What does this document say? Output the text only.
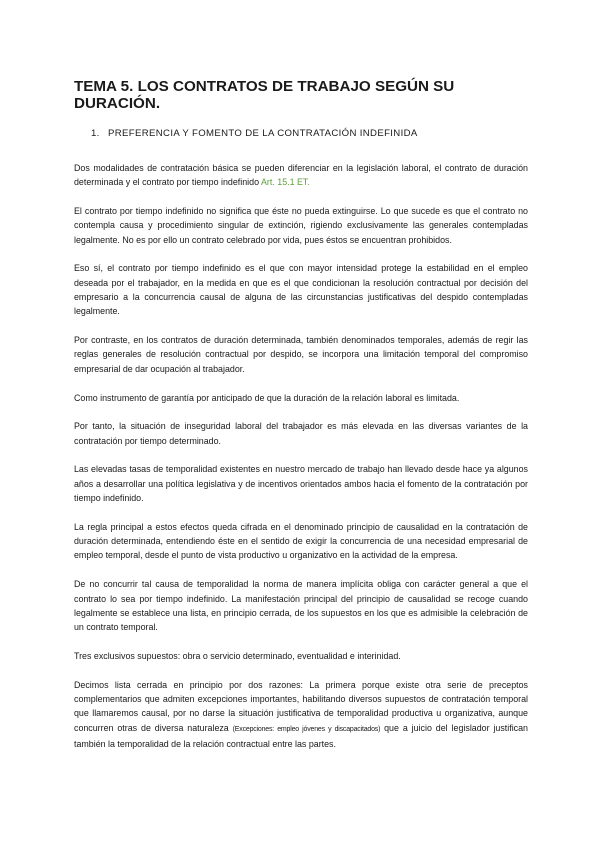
TEMA 5. LOS CONTRATOS DE TRABAJO SEGÚN SU DURACIÓN.
1. PREFERENCIA Y FOMENTO DE LA CONTRATACIÓN INDEFINIDA

Dos modalidades de contratación básica se pueden diferenciar en la legislación laboral, el contrato de duración determinada y el contrato por tiempo indefinido Art. 15.1 ET.

El contrato por tiempo indefinido no significa que éste no pueda extinguirse. Lo que sucede es que el contrato no contempla causa y procedimiento singular de extinción, rigiendo exclusivamente las generales contempladas legalmente. No es por ello un contrato celebrado por vida, pues éstos se encuentran prohibidos.

Eso sí, el contrato por tiempo indefinido es el que con mayor intensidad protege la estabilidad en el empleo deseada por el trabajador, en la medida en que es el que condicionan la resolución contractual por decisión del empresario a la concurrencia causal de alguna de las circunstancias justificativas del despido contempladas legalmente.

Por contraste, en los contratos de duración determinada, también denominados temporales, además de regir las reglas generales de resolución contractual por despido, se incorpora una limitación temporal del compromiso empresarial de dar ocupación al trabajador.

Como instrumento de garantía por anticipado de que la duración de la relación laboral es limitada.

Por tanto, la situación de inseguridad laboral del trabajador es más elevada en las diversas variantes de la contratación por tiempo determinado.

Las elevadas tasas de temporalidad existentes en nuestro mercado de trabajo han llevado desde hace ya algunos años a desarrollar una política legislativa y de incentivos orientados ambos hacia el fomento de la contratación por tiempo indefinido.

La regla principal a estos efectos queda cifrada en el denominado principio de causalidad en la contratación de duración determinada, entendiendo éste en el sentido de exigir la concurrencia de una necesidad empresarial de empleo temporal, desde el punto de vista productivo u organizativo en la actividad de la empresa.

De no concurrir tal causa de temporalidad la norma de manera implícita obliga con carácter general a que el contrato lo sea por tiempo indefinido. La manifestación principal del principio de causalidad se recoge cuando legalmente se establece una lista, en principio cerrada, de los supuestos en los que es admisible la celebración de un contrato temporal.

Tres exclusivos supuestos: obra o servicio determinado, eventualidad e interinidad.

Decimos lista cerrada en principio por dos razones: La primera porque existe otra serie de preceptos complementarios que admiten excepciones importantes, habilitando diversos supuestos de contratación temporal que llamaremos causal, por no darse la situación justificativa de temporalidad productiva u organizativa, aunque concurren otras de diversa naturaleza (Excepciones: empleo jóvenes y discapacitados) que a juicio del legislador justifican también la temporalidad de la relación contractual entre las partes.
